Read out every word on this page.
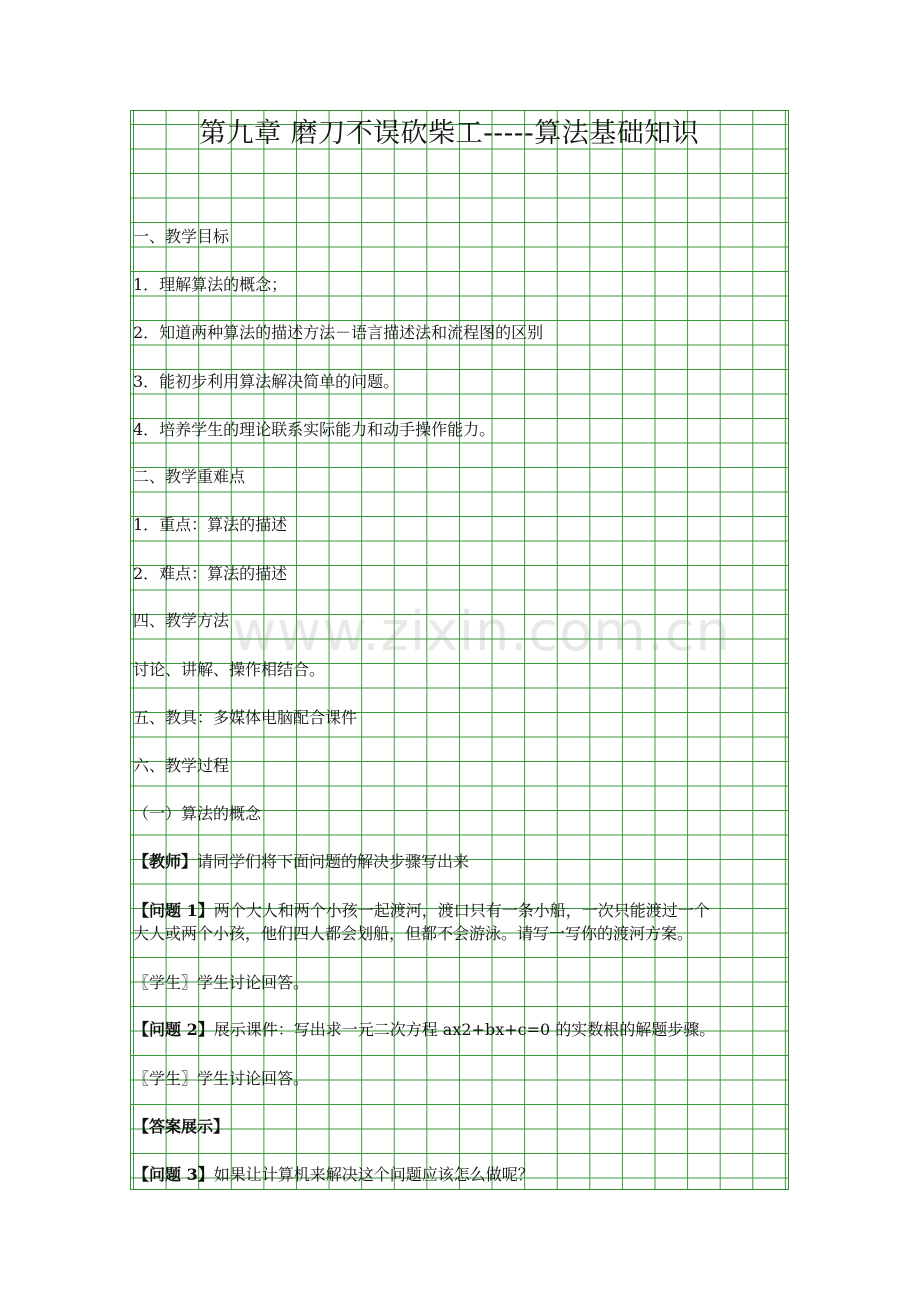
第九章 磨刀不误砍柴工-----算法基础知识
一、教学目标
1．理解算法的概念；
2．知道两种算法的描述方法－语言描述法和流程图的区别
3．能初步利用算法解决简单的问题。
4．培养学生的理论联系实际能力和动手操作能力。
二、教学重难点
1．重点：算法的描述
2．难点：算法的描述
四、教学方法
讨论、讲解、操作相结合。
五、教具：多媒体电脑配合课件
六、教学过程
（一）算法的概念
【教师】请同学们将下面问题的解决步骤写出来
【问题 1】两个大人和两个小孩一起渡河，渡口只有一条小船，一次只能渡过一个
大人或两个小孩，他们四人都会划船，但都不会游泳。请写一写你的渡河方案。
〖学生〗学生讨论回答。
【问题 2】展示课件：写出求一元二次方程 ax2+bx+c=0 的实数根的解题步骤。
〖学生〗学生讨论回答。
【答案展示】
【问题 3】如果让计算机来解决这个问题应该怎么做呢？
www.zixin.com.cn
